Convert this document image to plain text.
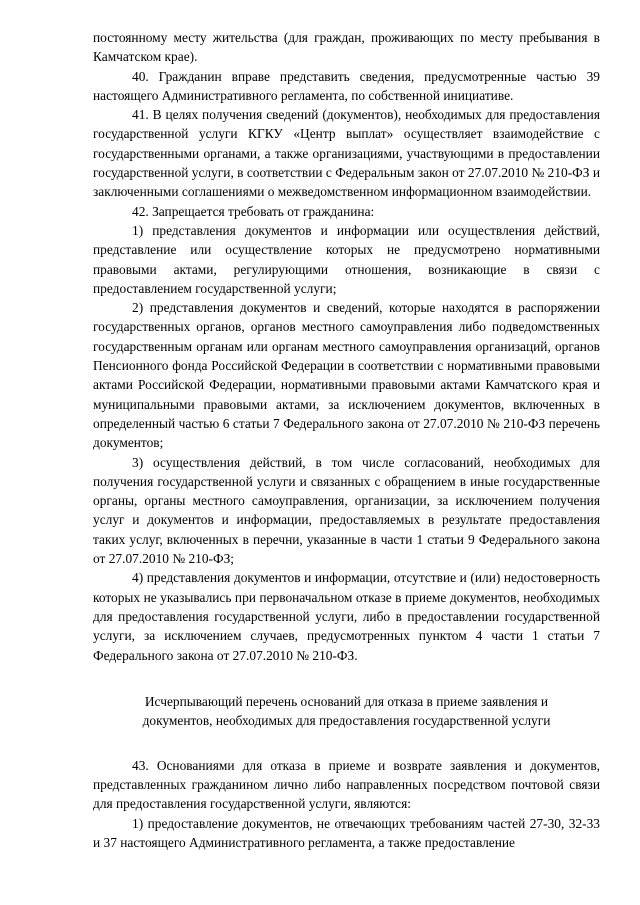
постоянному месту жительства (для граждан, проживающих по месту пребывания в Камчатском крае).

40. Гражданин вправе представить сведения, предусмотренные частью 39 настоящего Административного регламента, по собственной инициативе.

41. В целях получения сведений (документов), необходимых для предоставления государственной услуги КГКУ «Центр выплат» осуществляет взаимодействие с государственными органами, а также организациями, участвующими в предоставлении государственной услуги, в соответствии с Федеральным закон от 27.07.2010 № 210-ФЗ и заключенными соглашениями о межведомственном информационном взаимодействии.

42. Запрещается требовать от гражданина:

1) представления документов и информации или осуществления действий, представление или осуществление которых не предусмотрено нормативными правовыми актами, регулирующими отношения, возникающие в связи с предоставлением государственной услуги;

2) представления документов и сведений, которые находятся в распоряжении государственных органов, органов местного самоуправления либо подведомственных государственным органам или органам местного самоуправления организаций, органов Пенсионного фонда Российской Федерации в соответствии с нормативными правовыми актами Российской Федерации, нормативными правовыми актами Камчатского края и муниципальными правовыми актами, за исключением документов, включенных в определенный частью 6 статьи 7 Федерального закона от 27.07.2010 № 210-ФЗ перечень документов;

3) осуществления действий, в том числе согласований, необходимых для получения государственной услуги и связанных с обращением в иные государственные органы, органы местного самоуправления, организации, за исключением получения услуг и документов и информации, предоставляемых в результате предоставления таких услуг, включенных в перечни, указанные в части 1 статьи 9 Федерального закона от 27.07.2010 № 210-ФЗ;

4) представления документов и информации, отсутствие и (или) недостоверность которых не указывались при первоначальном отказе в приеме документов, необходимых для предоставления государственной услуги, либо в предоставлении государственной услуги, за исключением случаев, предусмотренных пунктом 4 части 1 статьи 7 Федерального закона от 27.07.2010 № 210-ФЗ.

Исчерпывающий перечень оснований для отказа в приеме заявления и
документов, необходимых для предоставления государственной услуги

43. Основаниями для отказа в приеме и возврате заявления и документов, представленных гражданином лично либо направленных посредством почтовой связи для предоставления государственной услуги, являются:

1) предоставление документов, не отвечающих требованиям частей 27-30, 32-33 и 37 настоящего Административного регламента, а также предоставление
